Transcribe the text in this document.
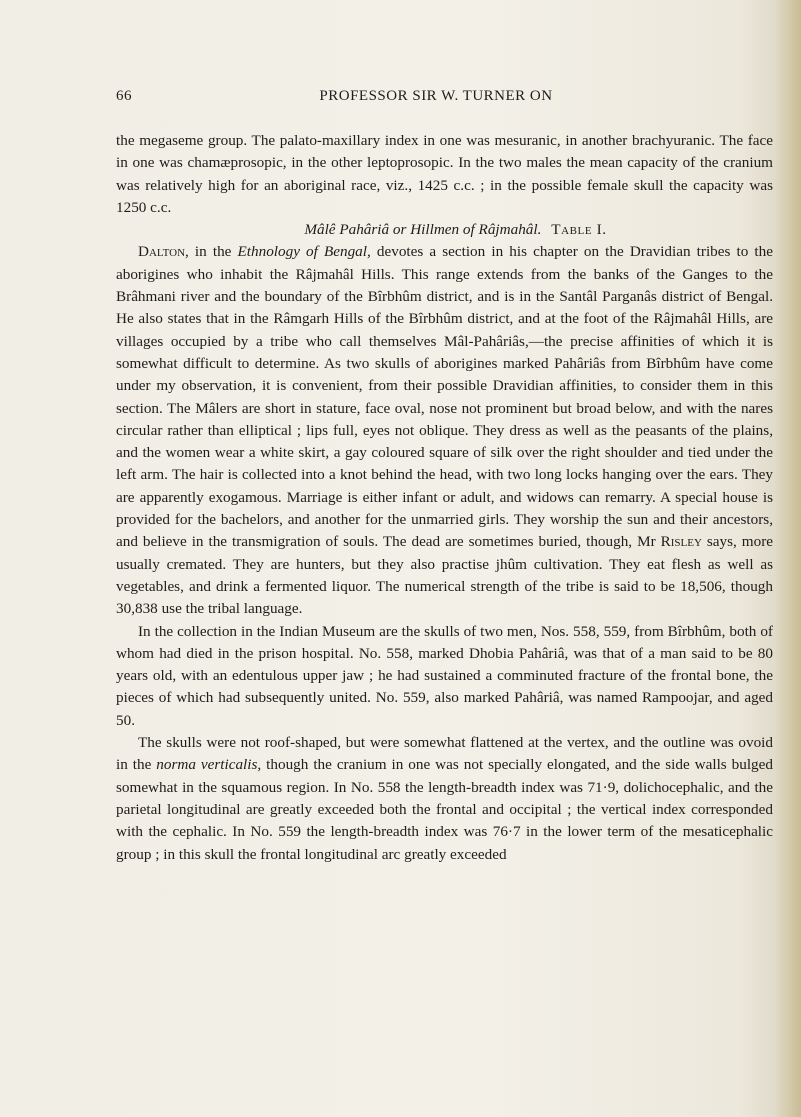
66	PROFESSOR SIR W. TURNER ON

the megaseme group. The palato-maxillary index in one was mesuranic, in another brachyuranic. The face in one was chamæprosopic, in the other leptoprosopic. In the two males the mean capacity of the cranium was relatively high for an aboriginal race, viz., 1425 c.c. ; in the possible female skull the capacity was 1250 c.c.

Mâlê Pahâriâ or Hillmen of Râjmahâl. Table I.

Dalton, in the Ethnology of Bengal, devotes a section in his chapter on the Dravidian tribes to the aborigines who inhabit the Râjmahâl Hills. This range extends from the banks of the Ganges to the Brâhmani river and the boundary of the Bîrbhûm district, and is in the Santâl Parganâs district of Bengal. He also states that in the Râmgarh Hills of the Bîrbhûm district, and at the foot of the Râjmahâl Hills, are villages occupied by a tribe who call themselves Mâl-Pahâriâs,—the precise affinities of which it is somewhat difficult to determine. As two skulls of aborigines marked Pahâriâs from Bîrbhûm have come under my observation, it is convenient, from their possible Dravidian affinities, to consider them in this section. The Mâlers are short in stature, face oval, nose not prominent but broad below, and with the nares circular rather than elliptical ; lips full, eyes not oblique. They dress as well as the peasants of the plains, and the women wear a white skirt, a gay coloured square of silk over the right shoulder and tied under the left arm. The hair is collected into a knot behind the head, with two long locks hanging over the ears. They are apparently exogamous. Marriage is either infant or adult, and widows can remarry. A special house is provided for the bachelors, and another for the unmarried girls. They worship the sun and their ancestors, and believe in the transmigration of souls. The dead are sometimes buried, though, Mr Risley says, more usually cremated. They are hunters, but they also practise jhûm cultivation. They eat flesh as well as vegetables, and drink a fermented liquor. The numerical strength of the tribe is said to be 18,506, though 30,838 use the tribal language.

In the collection in the Indian Museum are the skulls of two men, Nos. 558, 559, from Bîrbhûm, both of whom had died in the prison hospital. No. 558, marked Dhobia Pahâriâ, was that of a man said to be 80 years old, with an edentulous upper jaw ; he had sustained a comminuted fracture of the frontal bone, the pieces of which had subsequently united. No. 559, also marked Pahâriâ, was named Rampoojar, and aged 50.

The skulls were not roof-shaped, but were somewhat flattened at the vertex, and the outline was ovoid in the norma verticalis, though the cranium in one was not specially elongated, and the side walls bulged somewhat in the squamous region. In No. 558 the length-breadth index was 71·9, dolichocephalic, and the parietal longitudinal are greatly exceeded both the frontal and occipital ; the vertical index corresponded with the cephalic. In No. 559 the length-breadth index was 76·7 in the lower term of the mesaticephalic group ; in this skull the frontal longitudinal arc greatly exceeded
